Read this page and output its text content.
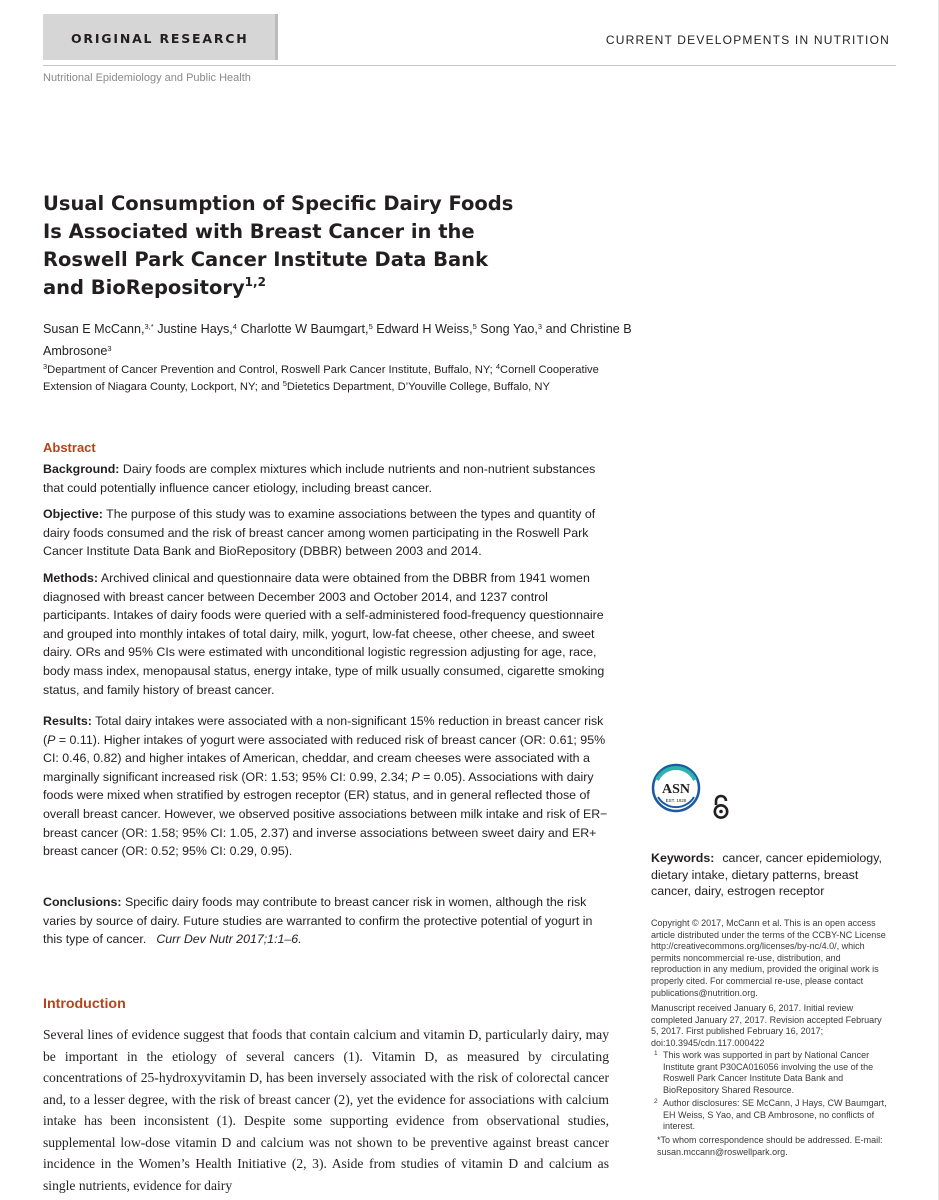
ORIGINAL RESEARCH	CURRENT DEVELOPMENTS IN NUTRITION
Nutritional Epidemiology and Public Health
Usual Consumption of Specific Dairy Foods
Is Associated with Breast Cancer in the
Roswell Park Cancer Institute Data Bank
and BioRepository$^{1,2}$
Susan E McCann,$^{3,*}$ Justine Hays,$^4$ Charlotte W Baumgart,$^5$ Edward H Weiss,$^5$ Song Yao,$^3$ and Christine B Ambrosone$^3$
$^3$Department of Cancer Prevention and Control, Roswell Park Cancer Institute, Buffalo, NY; $^4$Cornell Cooperative Extension of Niagara County, Lockport, NY; and $^5$Dietetics Department, D’Youville College, Buffalo, NY
Abstract
Background: Dairy foods are complex mixtures which include nutrients and non-nutrient substances that could potentially influence cancer etiology, including breast cancer.
Objective: The purpose of this study was to examine associations between the types and quantity of dairy foods consumed and the risk of breast cancer among women participating in the Roswell Park Cancer Institute Data Bank and BioRepository (DBBR) between 2003 and 2014.
Methods: Archived clinical and questionnaire data were obtained from the DBBR from 1941 women diagnosed with breast cancer between December 2003 and October 2014, and 1237 control participants. Intakes of dairy foods were queried with a self-administered food-frequency questionnaire and grouped into monthly intakes of total dairy, milk, yogurt, low-fat cheese, other cheese, and sweet dairy. ORs and 95% CIs were estimated with unconditional logistic regression adjusting for age, race, body mass index, menopausal status, energy intake, type of milk usually consumed, cigarette smoking status, and family history of breast cancer.
Results: Total dairy intakes were associated with a non-significant 15% reduction in breast cancer risk (P = 0.11). Higher intakes of yogurt were associated with reduced risk of breast cancer (OR: 0.61; 95% CI: 0.46, 0.82) and higher intakes of American, cheddar, and cream cheeses were associated with a marginally significant increased risk (OR: 1.53; 95% CI: 0.99, 2.34; P = 0.05). Associations with dairy foods were mixed when stratified by estrogen receptor (ER) status, and in general reflected those of overall breast cancer. However, we observed positive associations between milk intake and risk of ER− breast cancer (OR: 1.58; 95% CI: 1.05, 2.37) and inverse associations between sweet dairy and ER+ breast cancer (OR: 0.52; 95% CI: 0.29, 0.95).
Conclusions: Specific dairy foods may contribute to breast cancer risk in women, although the risk varies by source of dairy. Future studies are warranted to confirm the protective potential of yogurt in this type of cancer. Curr Dev Nutr 2017;1:1–6.
Introduction

Several lines of evidence suggest that foods that contain calcium and vitamin D, particularly dairy, may be important in the etiology of several cancers (1). Vitamin D, as measured by circulating concentrations of 25-hydroxyvitamin D, has been inversely associated with the risk of colorectal cancer and, to a lesser degree, with the risk of breast cancer (2), yet the evidence for associations with calcium intake has been inconsistent (1). Despite some supporting evidence from observational studies, supplemental low-dose vitamin D and calcium was not shown to be preventive against breast cancer incidence in the Women’s Health Initiative (2, 3). Aside from studies of vitamin D and calcium as single nutrients, evidence for dairy

ASN
EST. 1928
Keywords: cancer, cancer epidemiology, dietary intake, dietary patterns, breast cancer, dairy, estrogen receptor
Copyright © 2017, McCann et al. This is an open access article distributed under the terms of the CCBY-NC License http://creativecommons.org/licenses/by-nc/4.0/, which permits noncommercial re-use, distribution, and reproduction in any medium, provided the original work is properly cited. For commercial re-use, please contact publications@nutrition.org.
Manuscript received January 6, 2017. Initial review completed January 27, 2017. Revision accepted February 5, 2017. First published February 16, 2017; doi:10.3945/cdn.117.000422
1 This work was supported in part by National Cancer Institute grant P30CA016056 involving the use of the Roswell Park Cancer Institute Data Bank and BioRepository Shared Resource.
2 Author disclosures: SE McCann, J Hays, CW Baumgart, EH Weiss, S Yao, and CB Ambrosone, no conflicts of interest.
*To whom correspondence should be addressed. E-mail: susan.mccann@roswellpark.org.
